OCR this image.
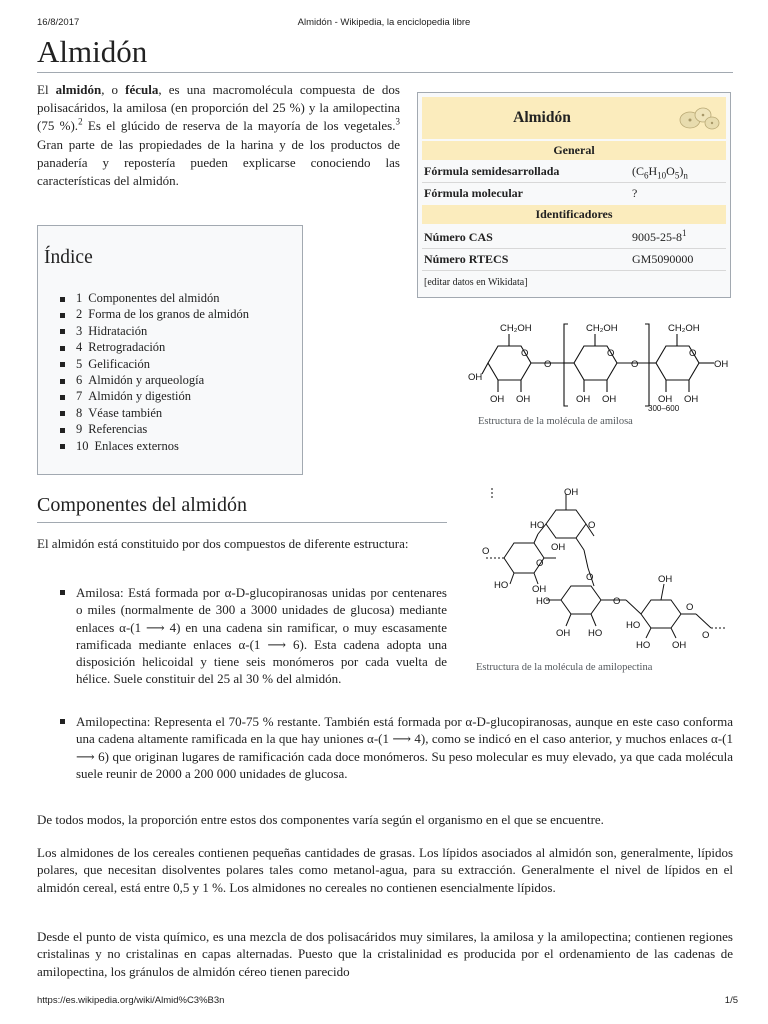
16/8/2017	Almidón - Wikipedia, la enciclopedia libre
Almidón

El almidón, o fécula, es una macromolécula compuesta de dos polisacáridos, la amilosa (en proporción del 25 %) y la amilopectina (75 %).$^2$ Es el glúcido de reserva de la mayoría de los vegetales.$^3$ Gran parte de las propiedades de la harina y de los productos de panadería y repostería pueden explicarse conociendo las características del almidón.

Almidón
General
Fórmula semidesarrollada	$(C_6H_{10}O_5)_n$
Fórmula molecular	?
Identificadores
Número CAS	$9005-25-8^1$
Número RTECS	GM5090000
[editar datos en Wikidata]
Índice
1 Componentes del almidón
2 Forma de los granos de almidón
3 Hidratación
4 Retrogradación
5 Gelificación
6 Almidón y arqueología
7 Almidón y digestión
8 Véase también
9 Referencias
10 Enlaces externos
CH₂OH	CH₂OH	CH₂OH
O	O	O
O	O
OH
OH OH	OH OH	OH OH
OH
300–600
Estructura de la molécula de amilosa
Componentes del almidón
OH
O
HO
OH
O
O
HO	OH
O
HO
OH HO
O
OH
HO
HO OH
O
O
Estructura de la molécula de amilopectina

El almidón está constituido por dos compuestos de diferente estructura:

Amilosa: Está formada por α-D-glucopiranosas unidas por centenares o miles (normalmente de 300 a 3000 unidades de glucosa) mediante enlaces α-(1 ⟶ 4) en una cadena sin ramificar, o muy escasamente ramificada mediante enlaces α-(1 ⟶ 6). Esta cadena adopta una disposición helicoidal y tiene seis monómeros por cada vuelta de hélice. Suele constituir del 25 al 30 % del almidón.
Amilopectina: Representa el 70-75 % restante. También está formada por α-D-glucopiranosas, aunque en este caso conforma una cadena altamente ramificada en la que hay uniones α-(1 ⟶ 4), como se indicó en el caso anterior, y muchos enlaces α-(1 ⟶ 6) que originan lugares de ramificación cada doce monómeros. Su peso molecular es muy elevado, ya que cada molécula suele reunir de 2000 a 200 000 unidades de glucosa.

De todos modos, la proporción entre estos dos componentes varía según el organismo en el que se encuentre.

Los almidones de los cereales contienen pequeñas cantidades de grasas. Los lípidos asociados al almidón son, generalmente, lípidos polares, que necesitan disolventes polares tales como metanol-agua, para su extracción. Generalmente el nivel de lípidos en el almidón cereal, está entre 0,5 y 1 %. Los almidones no cereales no contienen esencialmente lípidos.

Desde el punto de vista químico, es una mezcla de dos polisacáridos muy similares, la amilosa y la amilopectina; contienen regiones cristalinas y no cristalinas en capas alternadas. Puesto que la cristalinidad es producida por el ordenamiento de las cadenas de amilopectina, los gránulos de almidón céreo tienen parecido

https://es.wikipedia.org/wiki/Almid%C3%B3n	1/5
